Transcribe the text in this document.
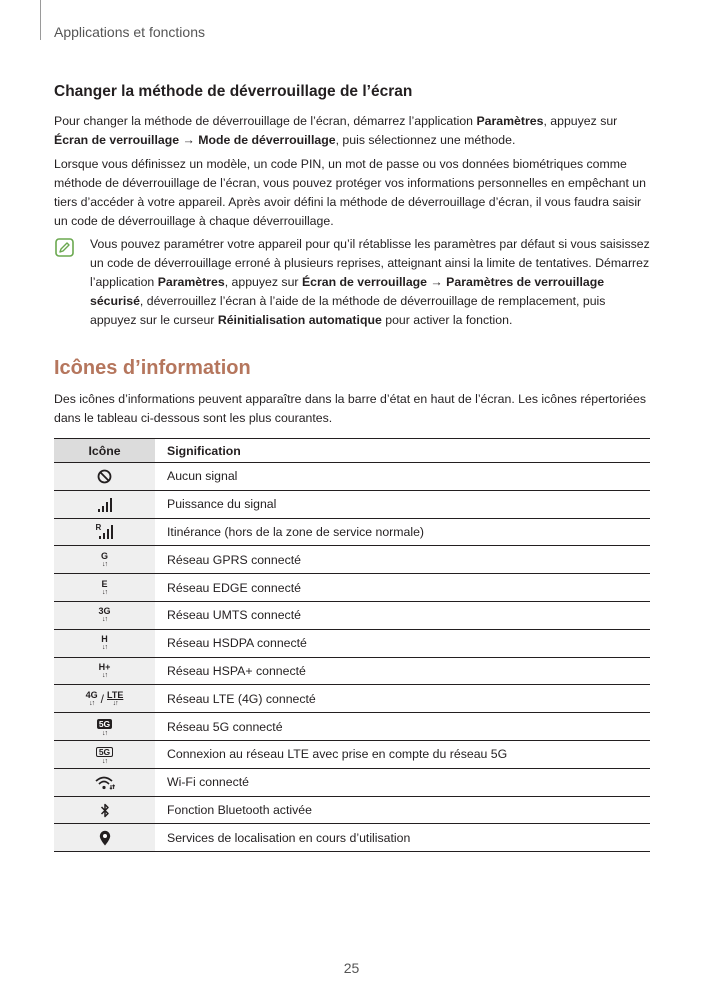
Applications et fonctions
Changer la méthode de déverrouillage de l’écran

Pour changer la méthode de déverrouillage de l’écran, démarrez l’application Paramètres, appuyez sur Écran de verrouillage → Mode de déverrouillage, puis sélectionnez une méthode.

Lorsque vous définissez un modèle, un code PIN, un mot de passe ou vos données biométriques comme méthode de déverrouillage de l’écran, vous pouvez protéger vos informations personnelles en empêchant un tiers d’accéder à votre appareil. Après avoir défini la méthode de déverrouillage d’écran, il vous faudra saisir un code de déverrouillage à chaque déverrouillage.

Vous pouvez paramétrer votre appareil pour qu’il rétablisse les paramètres par défaut si vous saisissez un code de déverrouillage erroné à plusieurs reprises, atteignant ainsi la limite de tentatives. Démarrez l’application Paramètres, appuyez sur Écran de verrouillage → Paramètres de verrouillage sécurisé, déverrouillez l’écran à l’aide de la méthode de déverrouillage de remplacement, puis appuyez sur le curseur Réinitialisation automatique pour activer la fonction.

Icônes d’information

Des icônes d’informations peuvent apparaître dans la barre d’état en haut de l’écran. Les icônes répertoriées dans le tableau ci-dessous sont les plus courantes.

Icône	Signification

	Aucun signal

	Puissance du signal

R	Itinérance (hors de la zone de service normale)

G
↓↑	Réseau GPRS connecté

E
↓↑	Réseau EDGE connecté

3G
↓↑	Réseau UMTS connecté

H
↓↑	Réseau HSDPA connecté

H+
↓↑	Réseau HSPA+ connecté

4G
↓↑ / LTE
↓↑	Réseau LTE (4G) connecté
5G
↓↑	Réseau 5G connecté
5G
↓↑	Connexion au réseau LTE avec prise en compte du réseau 5G

	Wi-Fi connecté

	Fonction Bluetooth activée

	Services de localisation en cours d’utilisation
25
